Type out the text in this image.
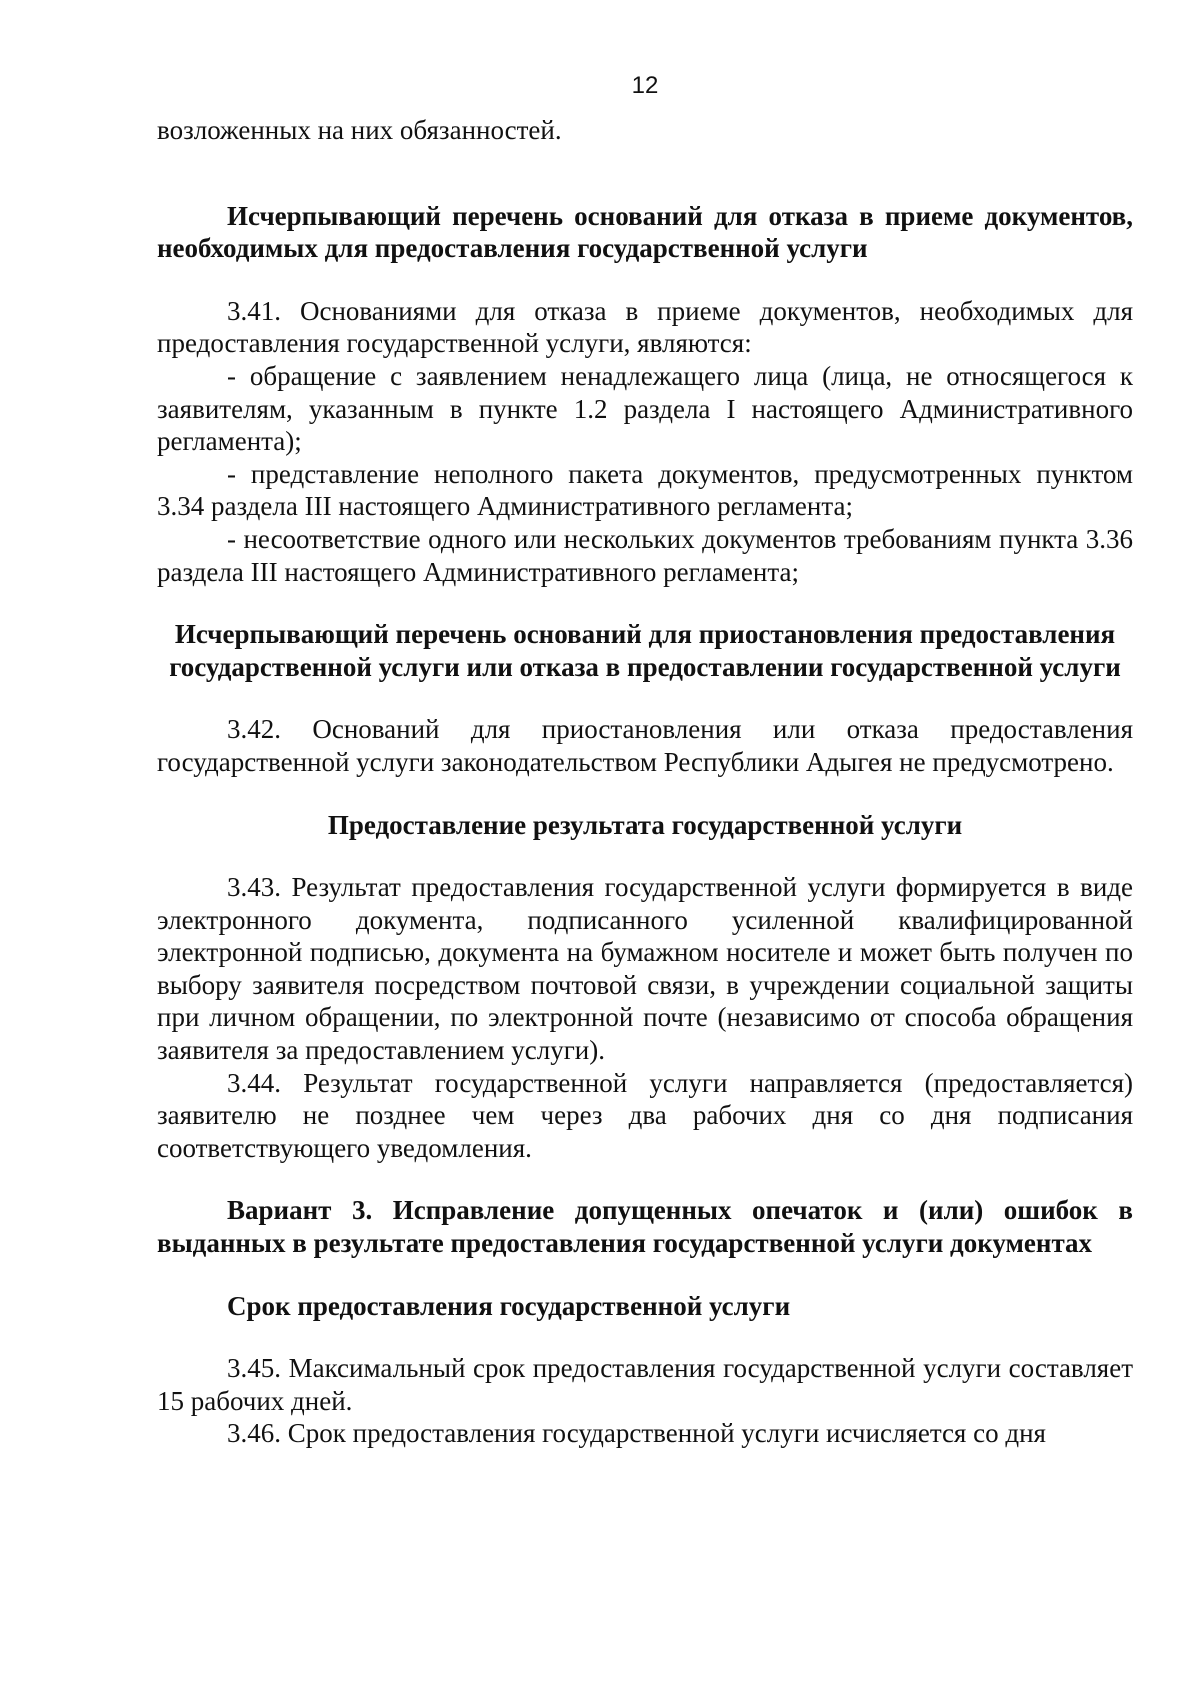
12

возложенных на них обязанностей.

Исчерпывающий перечень оснований для отказа в приеме документов, необходимых для предоставления государственной услуги

3.41. Основаниями для отказа в приеме документов, необходимых для предоставления государственной услуги, являются:

- обращение с заявлением ненадлежащего лица (лица, не относящегося к заявителям, указанным в пункте 1.2 раздела I настоящего Административного регламента);

- представление неполного пакета документов, предусмотренных пунктом 3.34 раздела III настоящего Административного регламента;

- несоответствие одного или нескольких документов требованиям пункта 3.36 раздела III настоящего Административного регламента;

Исчерпывающий перечень оснований для приостановления предоставления государственной услуги или отказа в предоставлении государственной услуги

3.42. Оснований для приостановления или отказа предоставления государственной услуги законодательством Республики Адыгея не предусмотрено.

Предоставление результата государственной услуги

3.43. Результат предоставления государственной услуги формируется в виде электронного документа, подписанного усиленной квалифицированной электронной подписью, документа на бумажном носителе и может быть получен по выбору заявителя посредством почтовой связи, в учреждении социальной защиты при личном обращении, по электронной почте (независимо от способа обращения заявителя за предоставлением услуги).

3.44. Результат государственной услуги направляется (предоставляется) заявителю не позднее чем через два рабочих дня со дня подписания соответствующего уведомления.

Вариант 3. Исправление допущенных опечаток и (или) ошибок в выданных в результате предоставления государственной услуги документах

Срок предоставления государственной услуги

3.45. Максимальный срок предоставления государственной услуги составляет 15 рабочих дней.

3.46. Срок предоставления государственной услуги исчисляется со дня
